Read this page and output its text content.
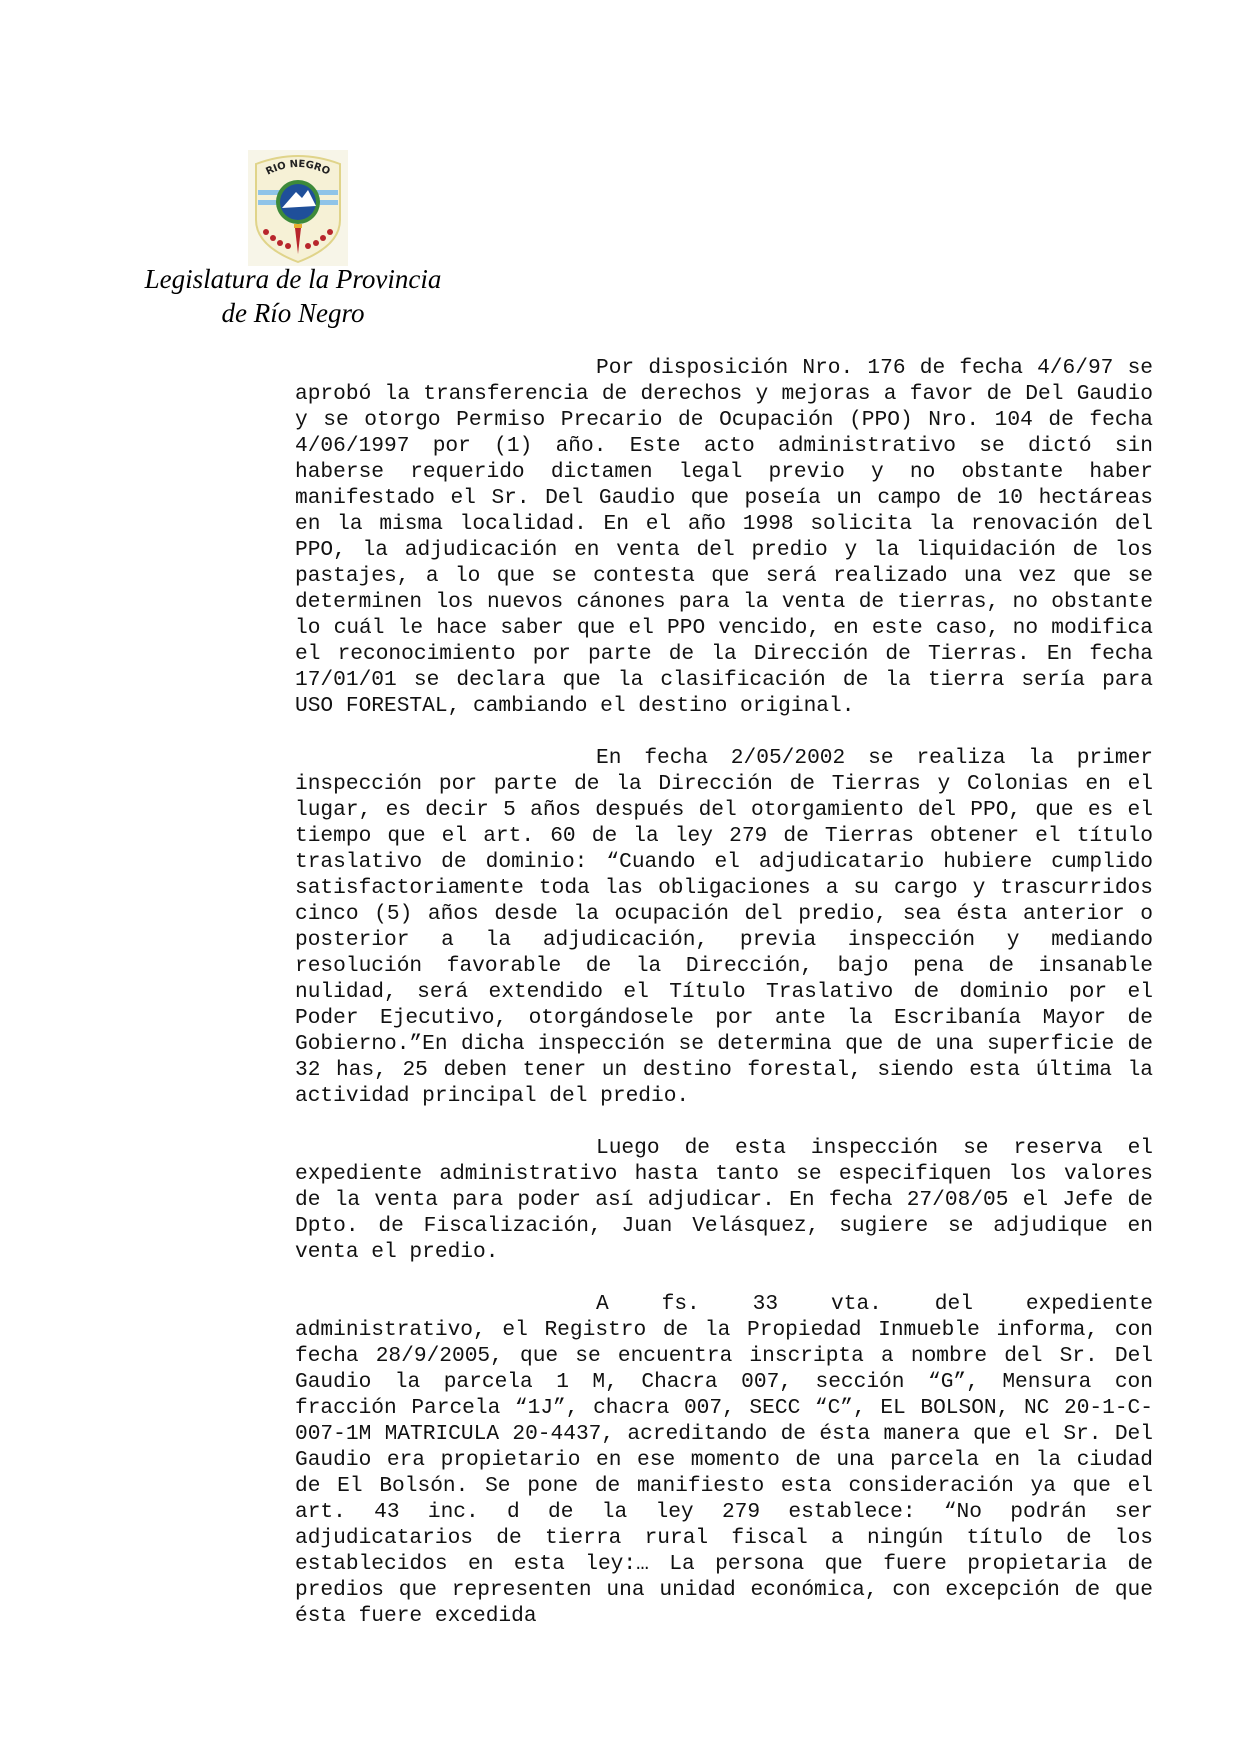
RIO NEGRO
Legislatura de la Provincia
de Río Negro

Por disposición Nro. 176 de fecha 4/6/97 se aprobó la transferencia de derechos y mejoras a favor de Del Gaudio y se otorgo Permiso Precario de Ocupación (PPO) Nro. 104 de fecha 4/06/1997 por (1) año. Este acto administrativo se dictó sin haberse requerido dictamen legal previo y no obstante haber manifestado el Sr. Del Gaudio que poseía un campo de 10 hectáreas en la misma localidad. En el año 1998 solicita la renovación del PPO, la adjudicación en venta del predio y la liquidación de los pastajes, a lo que se contesta que será realizado una vez que se determinen los nuevos cánones para la venta de tierras, no obstante lo cuál le hace saber que el PPO vencido, en este caso, no modifica el reconocimiento por parte de la Dirección de Tierras. En fecha 17/01/01 se declara que la clasificación de la tierra sería para USO FORESTAL, cambiando el destino original.

En fecha 2/05/2002 se realiza la primer inspección por parte de la Dirección de Tierras y Colonias en el lugar, es decir 5 años después del otorgamiento del PPO, que es el tiempo que el art. 60 de la ley 279 de Tierras obtener el título traslativo de dominio: “Cuando el adjudicatario hubiere cumplido satisfactoriamente toda las obligaciones a su cargo y trascurridos cinco (5) años desde la ocupación del predio, sea ésta anterior o posterior a la adjudicación, previa inspección y mediando resolución favorable de la Dirección, bajo pena de insanable nulidad, será extendido el Título Traslativo de dominio por el Poder Ejecutivo, otorgándosele por ante la Escribanía Mayor de Gobierno.”En dicha inspección se determina que de una superficie de 32 has, 25 deben tener un destino forestal, siendo esta última la actividad principal del predio.

Luego de esta inspección se reserva el expediente administrativo hasta tanto se especifiquen los valores de la venta para poder así adjudicar. En fecha 27/08/05 el Jefe de Dpto. de Fiscalización, Juan Velásquez, sugiere se adjudique en venta el predio.

A fs. 33 vta. del expediente administrativo, el Registro de la Propiedad Inmueble informa, con fecha 28/9/2005, que se encuentra inscripta a nombre del Sr. Del Gaudio la parcela 1 M, Chacra 007, sección “G”, Mensura con fracción Parcela “1J”, chacra 007, SECC “C”, EL BOLSON, NC 20-1-C-007-1M MATRICULA 20-4437, acreditando de ésta manera que el Sr. Del Gaudio era propietario en ese momento de una parcela en la ciudad de El Bolsón. Se pone de manifiesto esta consideración ya que el art. 43 inc. d de la ley 279 establece: “No podrán ser adjudicatarios de tierra rural fiscal a ningún título de los establecidos en esta ley:… La persona que fuere propietaria de predios que representen una unidad económica, con excepción de que ésta fuere excedida
